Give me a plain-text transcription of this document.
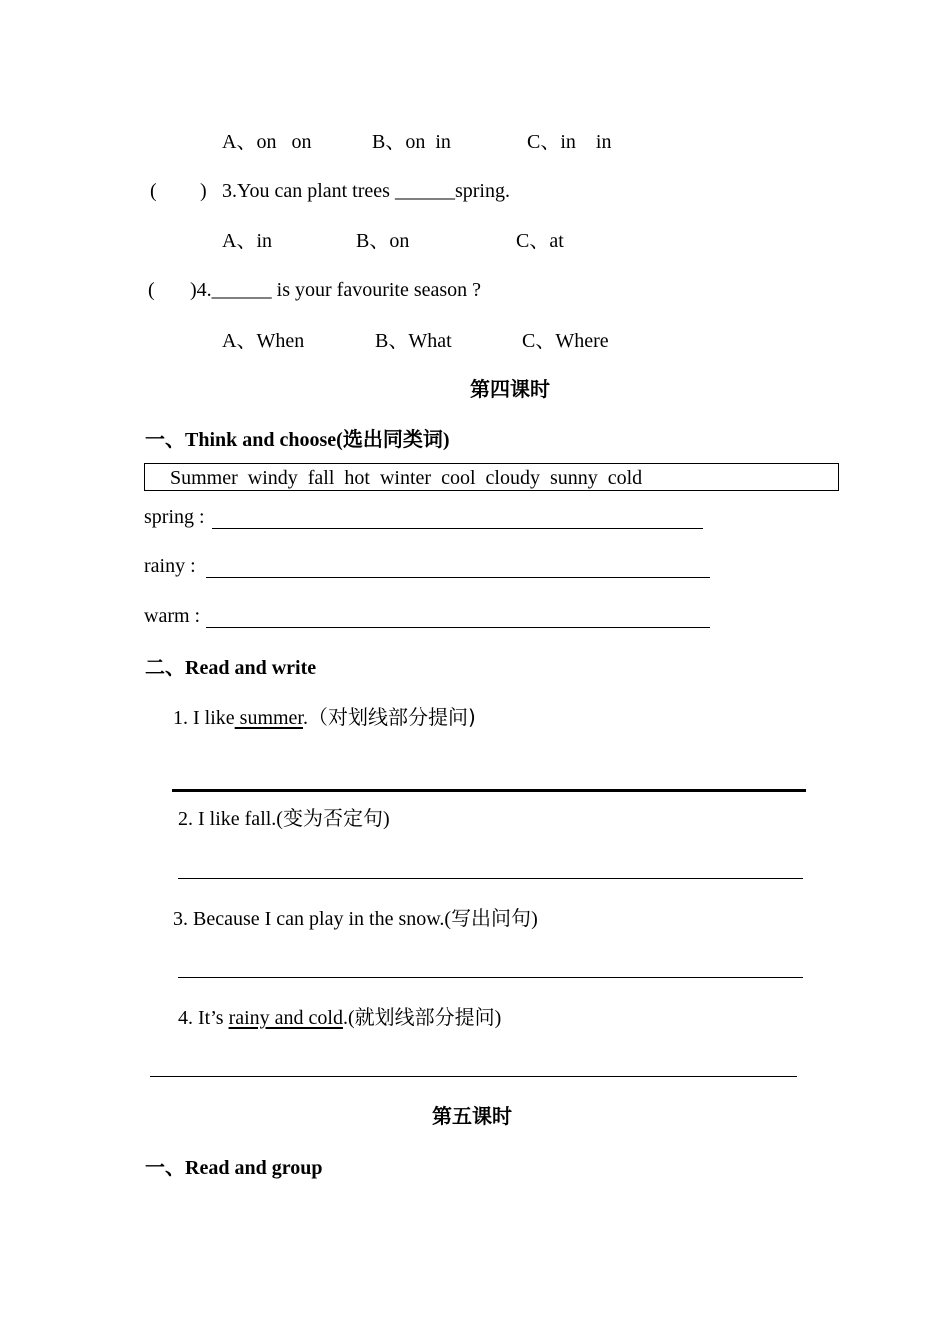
A、on   on	B、on  in	C、in    in
( ) 3.You can plant trees ______spring.
A、in	B、on	C、at
( )4.______ is your favourite season ?
A、When	B、What	C、Where
第四课时
一、Think and choose(选出同类词)
Summer  windy  fall  hot  winter  cool  cloudy  sunny  cold
spring :
rainy :
warm :
二、Read and write
1. I like summer.（对划线部分提问)
2. I like fall.(变为否定句)
3. Because I can play in the snow.(写出问句)
4. It’s rainy and cold.(就划线部分提问)
第五课时
一、Read and group
